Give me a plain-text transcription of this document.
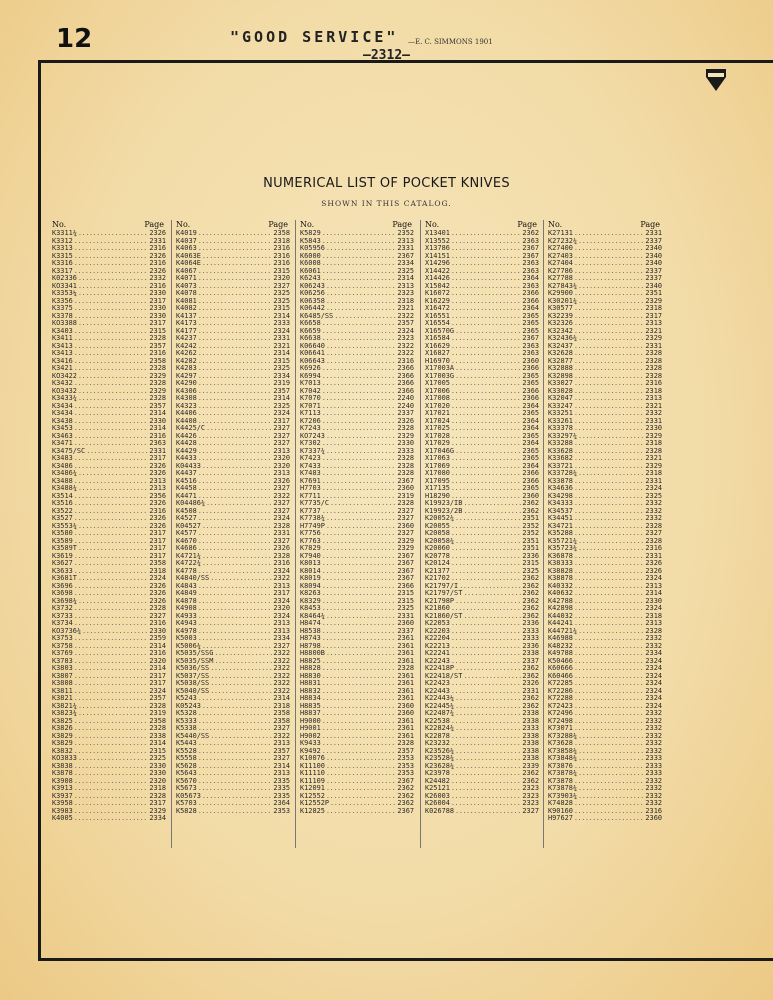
12	"GOOD SERVICE" —E. C. SIMMONS 1901
—2312—
NUMERICAL LIST OF POCKET KNIVES
SHOWN IN THIS CATALOG.
No.	Page
K3311¾ .....	2326
K3312 .....	2331
K3313 .....	2316
K3315 .....	2326
K3316 .....	2316
K3317 .....	2326
K02336 .....	2332
KO3341 .....	2316
K3353¼ .....	2330
K3356 .....	2317
K3375 .....	2330
K3378 .....	2330
KO3388 .....	2317
K3403 .....	2315
K3411 .....	2328
K3413 .....	2357
K3413 .....	2316
K3416 .....	2358
K3421 .....	2328
KO3422 .....	2329
K3432 .....	2328
KO3432 .....	2329
K3433¾ .....	2328
K3434 .....	2357
K3434 .....	2314
K3438 .....	2330
K3453 .....	2314
K3463 .....	2316
K3471 .....	2363
K3475/SC .....	2331
K3483 .....	2317
K3486 .....	2326
K3486¾ .....	2326
K3488 .....	2313
K3488¾ .....	2313
K3514 .....	2356
K3516 .....	2326
K3522 .....	2316
K3527 .....	2326
K3553¾ .....	2326
K3580 .....	2317
K3589 .....	2317
K3589T .....	2317
K3619 .....	2317
K3627 .....	2358
K3633 .....	2318
K3681T .....	2324
K3696 .....	2326
K3698 .....	2326
K3698¾ .....	2326
K3732 .....	2328
K3733 .....	2327
K3734 .....	2316
KO3736¾ .....	2330
K3753 .....	2359
K3758 .....	2314
K3769 .....	2316
K3783 .....	2320
K3803 .....	2314
K3807 .....	2317
K3808 .....	2317
K3811 .....	2324
K3821 .....	2357
K3821¾ .....	2328
K3823¾ .....	2319
K3825 .....	2358
K3826 .....	2328
K3829 .....	2338
K3829 .....	2314
K3832 .....	2315
KO3833 .....	2325
K3838 .....	2330
K3878 .....	2330
K3908 .....	2320
K3913 .....	2318
K3937 .....	2328
K3958 .....	2317
K3983 .....	2329
K4005 .....	2334
No.	Page
K4019 .....	2358
K4037 .....	2318
K4063 .....	2316
K4063E .....	2316
K4064E .....	2316
K4067 .....	2315
K4071 .....	2320
K4073 .....	2327
K4078 .....	2325
K4081 .....	2325
K4082 .....	2315
K4137 .....	2314
K4173 .....	2333
K4177 .....	2324
K4237 .....	2331
K4242 .....	2321
K4262 .....	2314
K4282 .....	2315
K4283 .....	2325
K4297 .....	2334
K4290 .....	2319
K4306 .....	2357
K4308 .....	2314
K4323 .....	2325
K4406 .....	2324
K4408 .....	2317
K4425/C .....	2327
K4426 .....	2327
K4428 .....	2327
K4429 .....	2313
K4433 .....	2320
K04433 .....	2320
K4437 .....	2313
K4516 .....	2326
K4458 .....	2327
K4471 .....	2322
K04486¾ .....	2327
K4508 .....	2327
K4527 .....	2324
K04527 .....	2328
K4577 .....	2331
K4670 .....	2327
K4686 .....	2326
K4721¾ .....	2328
K4722¾ .....	2316
K4778 .....	2324
K4840/SS .....	2322
K4843 .....	2313
K4849 .....	2317
K4878 .....	2324
K4908 .....	2320
K4933 .....	2324
K4943 .....	2313
K4978 .....	2313
K5003 .....	2334
K5006¾ .....	2327
K5035/SSG .....	2322
K5035/SSM .....	2322
K5036/SS .....	2322
K5037/SS .....	2322
K5038/SS .....	2322
K5040/SS .....	2322
K5243 .....	2314
K05243 .....	2318
K5328 .....	2358
K5333 .....	2358
K5338 .....	2327
K5440/SS .....	2322
K5443 .....	2313
K5528 .....	2357
K5558 .....	2327
K5628 .....	2314
K5643 .....	2313
K5670 .....	2335
K5673 .....	2335
K05673 .....	2335
K5703 .....	2364
K5828 .....	2353
No.	Page
K5829 .....	2352
K5843 .....	2313
K05956 .....	2331
K6000 .....	2367
K6008 .....	2334
K6061 .....	2325
K6243 .....	2314
K06243 .....	2313
K06256 .....	2323
K06358 .....	2318
K06442 .....	2321
K6485/SS .....	2322
K6658 .....	2357
K6659 .....	2324
K6638 .....	2323
K06640 .....	2322
K06641 .....	2322
K06643 .....	2316
K6926 .....	2366
K6994 .....	2366
K7013 .....	2366
K7042 .....	2366
K7070 .....	2240
K7071 .....	2240
K7113 .....	2337
K7206 .....	2326
K7243 .....	2328
KO7243 .....	2329
K7302 .....	2330
K7337¾ .....	2333
K7423 .....	2328
K7433 .....	2328
K7483 .....	2328
K7691 .....	2367
H7703 .....	2360
K7711 .....	2319
K7735/C .....	2328
K7737 .....	2327
K7738¾ .....	2327
H7749P .....	2360
K7756 .....	2327
K7763 .....	2329
K7829 .....	2329
K7940 .....	2367
K8013 .....	2367
K8014 .....	2367
K8019 .....	2367
K8094 .....	2366
K8263 .....	2315
K8329 .....	2315
K8453 .....	2325
K8464¾ .....	2331
H8474 .....	2360
H8538 .....	2337
H8743 .....	2361
H8798 .....	2361
H8800B .....	2361
H8825 .....	2361
H8828 .....	2328
H8830 .....	2361
H8831 .....	2361
H8832 .....	2361
H8834 .....	2361
H8835 .....	2360
H8837 .....	2360
H9000 .....	2361
H9001 .....	2361
H9002 .....	2361
K9433 .....	2328
K9492 .....	2357
K10076 .....	2353
K11100 .....	2353
K11110 .....	2353
K11109 .....	2367
K12091 .....	2362
K12552 .....	2362
K12552P .....	2362
K12825 .....	2367
No.	Page
X13401 .....	2362
X13552 .....	2363
X13786 .....	2367
X14151 .....	2367
X14296 .....	2363
X14422 .....	2363
X14426 .....	2364
X15042 .....	2363
K16072 .....	2366
K16229 .....	2366
X16472 .....	2364
X16551 .....	2365
X16554 .....	2365
X16570G .....	2365
X16584 .....	2367
X16629 .....	2363
X16827 .....	2363
H16970 .....	2360
X17003A .....	2366
X17003G .....	2365
X17005 .....	2365
X17006 .....	2366
X17008 .....	2366
X17020 .....	2364
X17021 .....	2365
X17024 .....	2364
X17025 .....	2364
X17028 .....	2365
X17029 .....	2364
X17046G .....	2365
X17063 .....	2365
X17069 .....	2364
X17080 .....	2366
X17095 .....	2366
X17135 .....	2365
H18290 .....	2360
K19923/IB .....	2362
K19923/2B .....	2362
K20052¾ .....	2351
K20055 .....	2352
K20058 .....	2352
K20058¾ .....	2351
K20060 .....	2351
K20778 .....	2336
K20124 .....	2315
K21377 .....	2325
K21702 .....	2362
K21797/I .....	2362
K21797/ST .....	2362
K21798P .....	2362
K21860 .....	2362
K21860/ST .....	2362
K22053 .....	2336
K22203 .....	2333
K22204 .....	2333
K22213 .....	2336
K22241 .....	2338
K22243 .....	2337
K22418P .....	2362
K22418/ST .....	2362
K22423 .....	2326
K22443 .....	2331
K22443¼ .....	2362
K22445¾ .....	2362
K22487¾ .....	2338
K22538 .....	2338
K22824¾ .....	2333
K22878 .....	2338
K23232 .....	2338
K23526¾ .....	2338
K23528¾ .....	2338
K23628¾ .....	2339
K23978 .....	2362
K24482 .....	2362
K25121 .....	2323
K26003 .....	2323
K26004 .....	2323
K026788 .....	2327
No.	Page
K27131 .....	2331
K27232¾ .....	2337
K27400 .....	2340
K27403 .....	2340
K27404 .....	2340
K27786 .....	2337
K27788 .....	2337
K27843¾ .....	2340
K29900 .....	2351
K30201¾ .....	2329
K30577 .....	2318
K32239 .....	2317
K32326 .....	2313
K32342 .....	2321
K32436¾ .....	2329
K32437 .....	2331
K32628 .....	2328
K32877 .....	2328
K32888 .....	2328
K32898 .....	2328
K33027 .....	2316
K33028 .....	2318
K32047 .....	2313
K33247 .....	2321
K33251 .....	2332
K33261 .....	2331
K33378 .....	2330
K33297¾ .....	2329
K33288 .....	2318
K33628 .....	2328
K33682 .....	2321
K33721 .....	2329
K33728¾ .....	2318
K33878 .....	2331
K34636 .....	2324
K34298 .....	2325
K34333 .....	2332
K34537 .....	2332
K34451 .....	2332
K34721 .....	2328
K35288 .....	2327
K35721¾ .....	2328
K35723¾ .....	2316
K36878 .....	2331
K38333 .....	2326
K38828 .....	2326
K38878 .....	2324
K40332 .....	2313
K40632 .....	2314
K42788 .....	2330
K42898 .....	2324
K44032 .....	2318
K44241 .....	2313
K44721¾ .....	2328
K46988 .....	2332
K48232 .....	2332
K49788 .....	2334
K50466 .....	2324
K60666 .....	2324
K60466 .....	2324
K72285 .....	2324
K72286 .....	2324
K72288 .....	2324
K72423 .....	2324
K72496 .....	2332
K72498 .....	2332
K73071 .....	2332
K73288¾ .....	2332
K73628 .....	2332
K73858¾ .....	2332
K73848¾ .....	2333
K73876 .....	2333
K73878¾ .....	2333
K73878 .....	2332
K73878¾ .....	2332
K73903¾ .....	2332
K74828 .....	2332
K90160 .....	2316
H97627 .....	2360
